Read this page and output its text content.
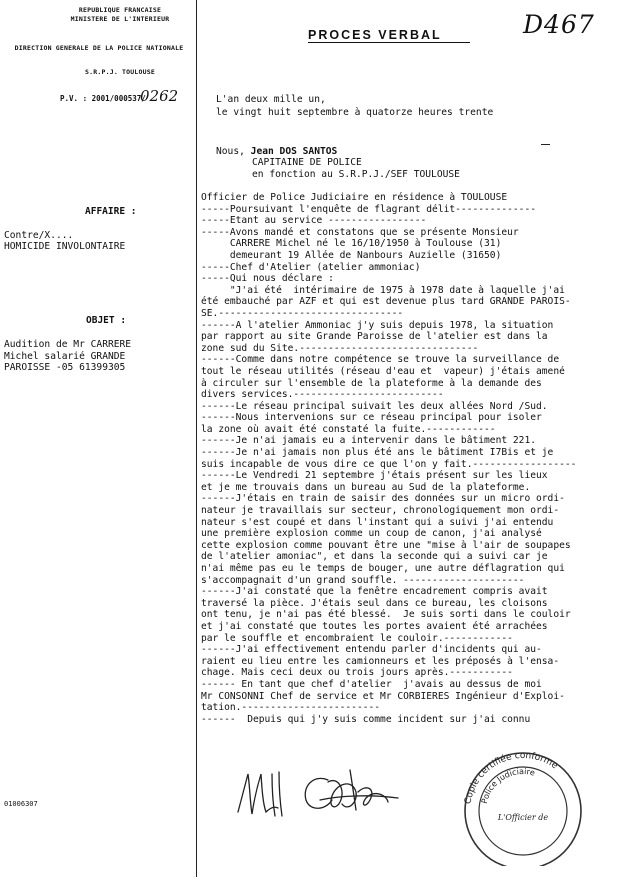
REPUBLIQUE FRANCAISE
MINISTERE DE L'INTERIEUR
DIRECTION GENERALE DE LA POLICE NATIONALE
S.R.P.J. TOULOUSE
P.V. : 2001/000537/
0262
D467
PROCES VERBAL
L'an deux mille un,
le vingt huit septembre à quatorze heures trente
Nous, Jean DOS SANTOS
CAPITAINE DE POLICE
en fonction au S.R.P.J./SEF TOULOUSE
AFFAIRE :
Contre/X....
HOMICIDE INVOLONTAIRE
OBJET :
Audition de Mr CARRERE
Michel salarié GRANDE
PAROISSE -05 61399305
Officier de Police Judiciaire en résidence à TOULOUSE
-----Poursuivant l'enquête de flagrant délit--------------
-----Etant au service -----------------
-----Avons mandé et constatons que se présente Monsieur
CARRERE Michel né le 16/10/1950 à Toulouse (31)
demeurant 19 Allée de Nanbours Auzielle (31650)
-----Chef d'Atelier (atelier ammoniac)
-----Qui nous déclare :
"J'ai été  intérimaire de 1975 à 1978 date à laquelle j'ai
été embauché par AZF et qui est devenue plus tard GRANDE PAROIS-
SE.--------------------------------
------A l'atelier Ammoniac j'y suis depuis 1978, la situation
par rapport au site Grande Paroisse de l'atelier est dans la
zone sud du Site.-------------------------------
------Comme dans notre compétence se trouve la surveillance de
tout le réseau utilités (réseau d'eau et  vapeur) j'étais amené
à circuler sur l'ensemble de la plateforme à la demande des
divers services.--------------------------
------Le réseau principal suivait les deux allées Nord /Sud.
------Nous intervenions sur ce réseau principal pour isoler
la zone où avait été constaté la fuite.------------
------Je n'ai jamais eu a intervenir dans le bâtiment 221.
------Je n'ai jamais non plus été ans le bâtiment I7Bis et je
suis incapable de vous dire ce que l'on y fait.------------------
------Le Vendredi 21 septembre j'étais présent sur les lieux
et je me trouvais dans un bureau au Sud de la plateforme.
------J'étais en train de saisir des données sur un micro ordi-
nateur je travaillais sur secteur, chronologiquement mon ordi-
nateur s'est coupé et dans l'instant qui a suivi j'ai entendu
une première explosion comme un coup de canon, j'ai analysé
cette explosion comme pouvant être une "mise à l'air de soupapes
de l'atelier amoniac", et dans la seconde qui a suivi car je
n'ai même pas eu le temps de bouger, une autre déflagration qui
s'accompagnait d'un grand souffle. ---------------------
------J'ai constaté que la fenêtre encadrement compris avait
traversé la pièce. J'étais seul dans ce bureau, les cloisons
ont tenu, je n'ai pas été blessé.  Je suis sorti dans le couloir
et j'ai constaté que toutes les portes avaient été arrachées
par le souffle et encombraient le couloir.------------
------J'ai effectivement entendu parler d'incidents qui au-
raient eu lieu entre les camionneurs et les préposés à l'ensa-
chage. Mais ceci deux ou trois jours après.-----------
------ En tant que chef d'atelier  j'avais au dessus de moi
Mr CONSONNI Chef de service et Mr CORBIERES Ingénieur d'Exploi-
tation.------------------------
------  Depuis qui j'y suis comme incident sur j'ai connu
Copie certifiée conforme
Police Judiciaire
L'Officier de
01006307
